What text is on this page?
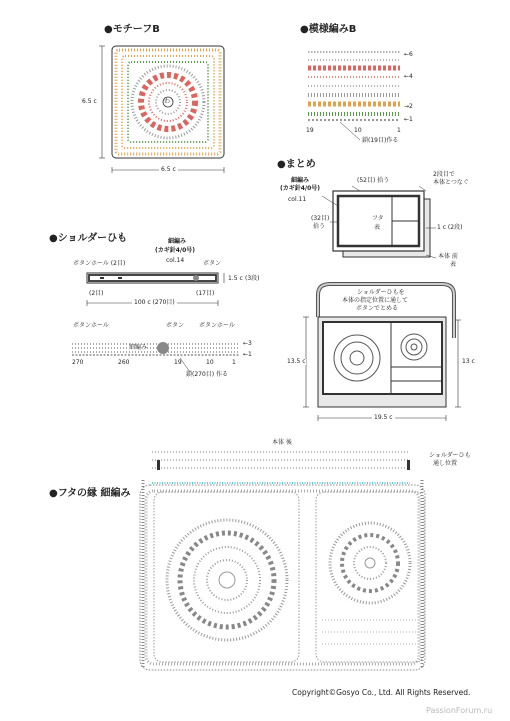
●モチーフB	●模様編みB
●まとめ
●ショルダーひも
●フタの縁 細編み
わ
6.5 c
6.5 c
←6
←4
→2
←1
19	10	1
鎖(19目)作る
細編み
(カギ針4/0号)
col.11
(52目) 拾う
2段目で
本体とつなぐ
(32目)
拾う
フタ
表	1 c (2段)
本体 前
表
細編み
(カギ針4/0号)
col.14
ボタンホール (2目)	ボタン
(2目)	(17目)
1.5 c (3段)
100 c (270目)
ボタンホール	ボタン ボタンホール
細編み
←3
←1
270	260	19	10	1
鎖(270目) 作る
ショルダーひもを
本体の指定位置に通して
ボタンでとめる
13.5 c	13 c
19.5 c
本体 後
ショルダーひも
通し位置
Copyright©Gosyo Co., Ltd. All Rights Reserved.
PassionForum.ru
